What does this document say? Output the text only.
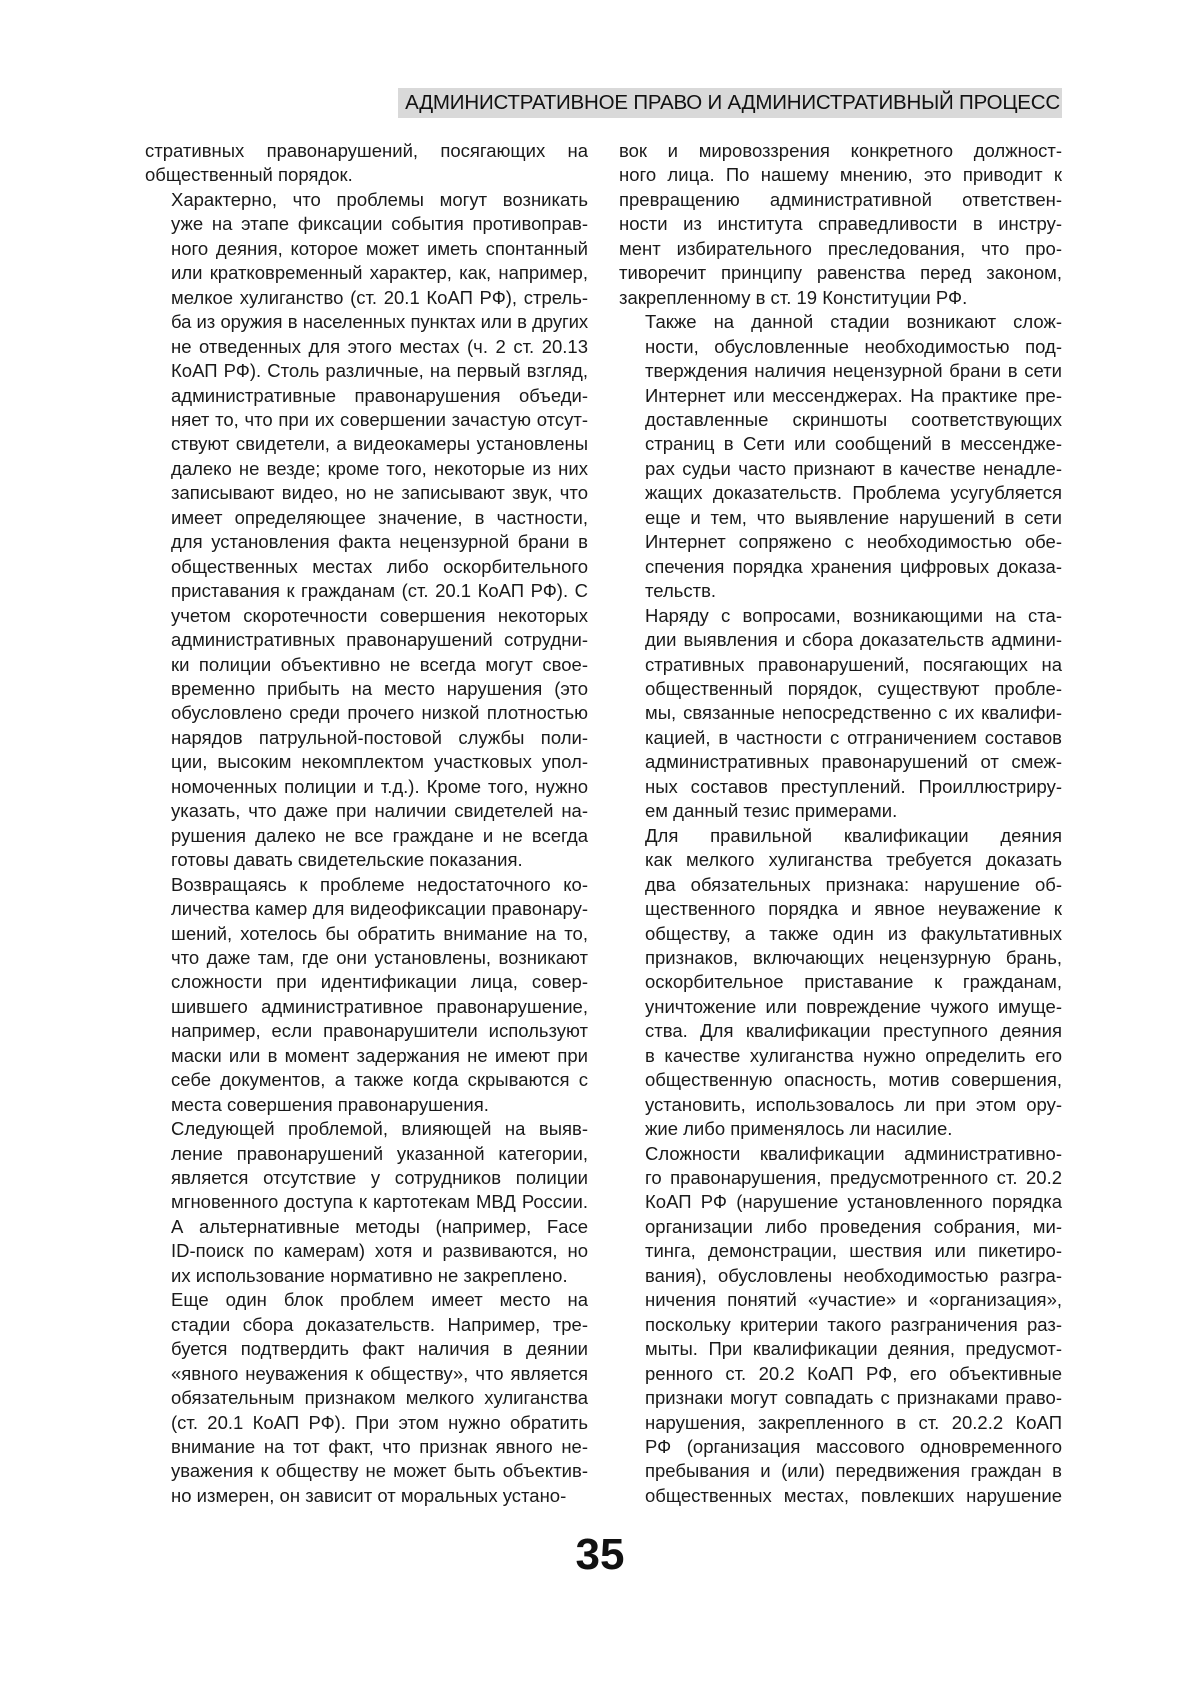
АДМИНИСТРАТИВНОЕ ПРАВО И АДМИНИСТРАТИВНЫЙ ПРОЦЕСС
стративных правонарушений, посягающих на
общественный порядок.
Характерно, что проблемы могут возникать
уже на этапе фиксации события противоправ-
ного деяния, которое может иметь спонтанный
или кратковременный характер, как, например,
мелкое хулиганство (ст. 20.1 КоАП РФ), стрель-
ба из оружия в населенных пунктах или в других
не отведенных для этого местах (ч. 2 ст. 20.13
КоАП РФ). Столь различные, на первый взгляд,
административные правонарушения объеди-
няет то, что при их совершении зачастую отсут-
ствуют свидетели, а видеокамеры установлены
далеко не везде; кроме того, некоторые из них
записывают видео, но не записывают звук, что
имеет определяющее значение, в частности,
для установления факта нецензурной брани в
общественных местах либо оскорбительного
приставания к гражданам (ст. 20.1 КоАП РФ). С
учетом скоротечности совершения некоторых
административных правонарушений сотрудни-
ки полиции объективно не всегда могут свое-
временно прибыть на место нарушения (это
обусловлено среди прочего низкой плотностью
нарядов патрульной-постовой службы поли-
ции, высоким некомплектом участковых упол-
номоченных полиции и т.д.). Кроме того, нужно
указать, что даже при наличии свидетелей на-
рушения далеко не все граждане и не всегда
готовы давать свидетельские показания.
Возвращаясь к проблеме недостаточного ко-
личества камер для видеофиксации правонару-
шений, хотелось бы обратить внимание на то,
что даже там, где они установлены, возникают
сложности при идентификации лица, совер-
шившего административное правонарушение,
например, если правонарушители используют
маски или в момент задержания не имеют при
себе документов, а также когда скрываются с
места совершения правонарушения.
Следующей проблемой, влияющей на выяв-
ление правонарушений указанной категории,
является отсутствие у сотрудников полиции
мгновенного доступа к картотекам МВД России.
А альтернативные методы (например, Face
ID-поиск по камерам) хотя и развиваются, но
их использование нормативно не закреплено.
Еще один блок проблем имеет место на
стадии сбора доказательств. Например, тре-
буется подтвердить факт наличия в деянии
«явного неуважения к обществу», что является
обязательным признаком мелкого хулиганства
(ст. 20.1 КоАП РФ). При этом нужно обратить
внимание на тот факт, что признак явного не-
уважения к обществу не может быть объектив-
но измерен, он зависит от моральных устано-
вок и мировоззрения конкретного должност-
ного лица. По нашему мнению, это приводит к
превращению административной ответствен-
ности из института справедливости в инстру-
мент избирательного преследования, что про-
тиворечит принципу равенства перед законом,
закрепленному в ст. 19 Конституции РФ.
Также на данной стадии возникают слож-
ности, обусловленные необходимостью под-
тверждения наличия нецензурной брани в сети
Интернет или мессенджерах. На практике пре-
доставленные скриншоты соответствующих
страниц в Сети или сообщений в мессендже-
рах судьи часто признают в качестве ненадле-
жащих доказательств. Проблема усугубляется
еще и тем, что выявление нарушений в сети
Интернет сопряжено с необходимостью обе-
спечения порядка хранения цифровых доказа-
тельств.
Наряду с вопросами, возникающими на ста-
дии выявления и сбора доказательств админи-
стративных правонарушений, посягающих на
общественный порядок, существуют пробле-
мы, связанные непосредственно с их квалифи-
кацией, в частности с отграничением составов
административных правонарушений от смеж-
ных составов преступлений. Проиллюстриру-
ем данный тезис примерами.
Для правильной квалификации деяния
как мелкого хулиганства требуется доказать
два обязательных признака: нарушение об-
щественного порядка и явное неуважение к
обществу, а также один из факультативных
признаков, включающих нецензурную брань,
оскорбительное приставание к гражданам,
уничтожение или повреждение чужого имуще-
ства. Для квалификации преступного деяния
в качестве хулиганства нужно определить его
общественную опасность, мотив совершения,
установить, использовалось ли при этом ору-
жие либо применялось ли насилие.
Сложности квалификации административно-
го правонарушения, предусмотренного ст. 20.2
КоАП РФ (нарушение установленного порядка
организации либо проведения собрания, ми-
тинга, демонстрации, шествия или пикетиро-
вания), обусловлены необходимостью разгра-
ничения понятий «участие» и «организация»,
поскольку критерии такого разграничения раз-
мыты. При квалификации деяния, предусмот-
ренного ст. 20.2 КоАП РФ, его объективные
признаки могут совпадать с признаками право-
нарушения, закрепленного в ст. 20.2.2 КоАП
РФ (организация массового одновременного
пребывания и (или) передвижения граждан в
общественных местах, повлекших нарушение
35
